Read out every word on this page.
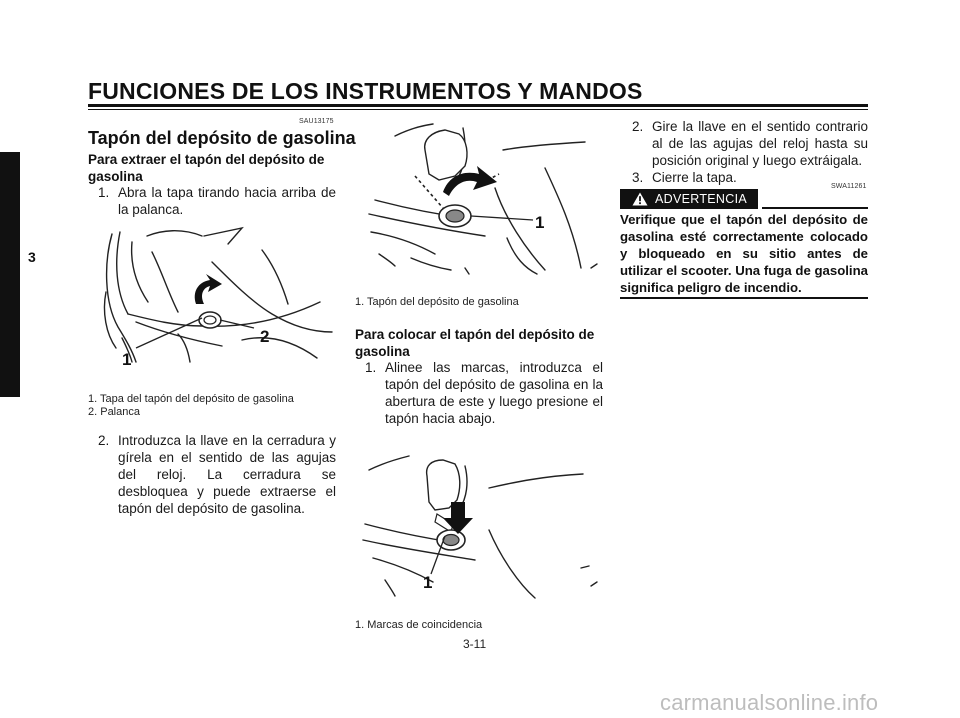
FUNCIONES DE LOS INSTRUMENTOS Y MANDOS
3
SAU13175
Tapón del depósito de gasolina
Para extraer el tapón del depósito de gasolina
1. Abra la tapa tirando hacia arriba de la palanca.
2
1
1. Tapa del tapón del depósito de gasolina
2. Palanca
2. Introduzca la llave en la cerradura y gírela en el sentido de las agujas del reloj. La cerradura se desbloquea y puede extraerse el tapón del depósito de gasolina.
1
1. Tapón del depósito de gasolina
Para colocar el tapón del depósito de gasolina
1. Alinee las marcas, introduzca el tapón del depósito de gasolina en la abertura de este y luego presione el tapón hacia abajo.
1
1. Marcas de coincidencia
2. Gire la llave en el sentido contrario al de las agujas del reloj hasta su posición original y luego extráigala.
3. Cierre la tapa.
SWA11261
ADVERTENCIA
Verifique que el tapón del depósito de gasolina esté correctamente colocado y bloqueado en su sitio antes de utilizar el scooter. Una fuga de gasolina significa peligro de incendio.
3-11
carmanualsonline.info
